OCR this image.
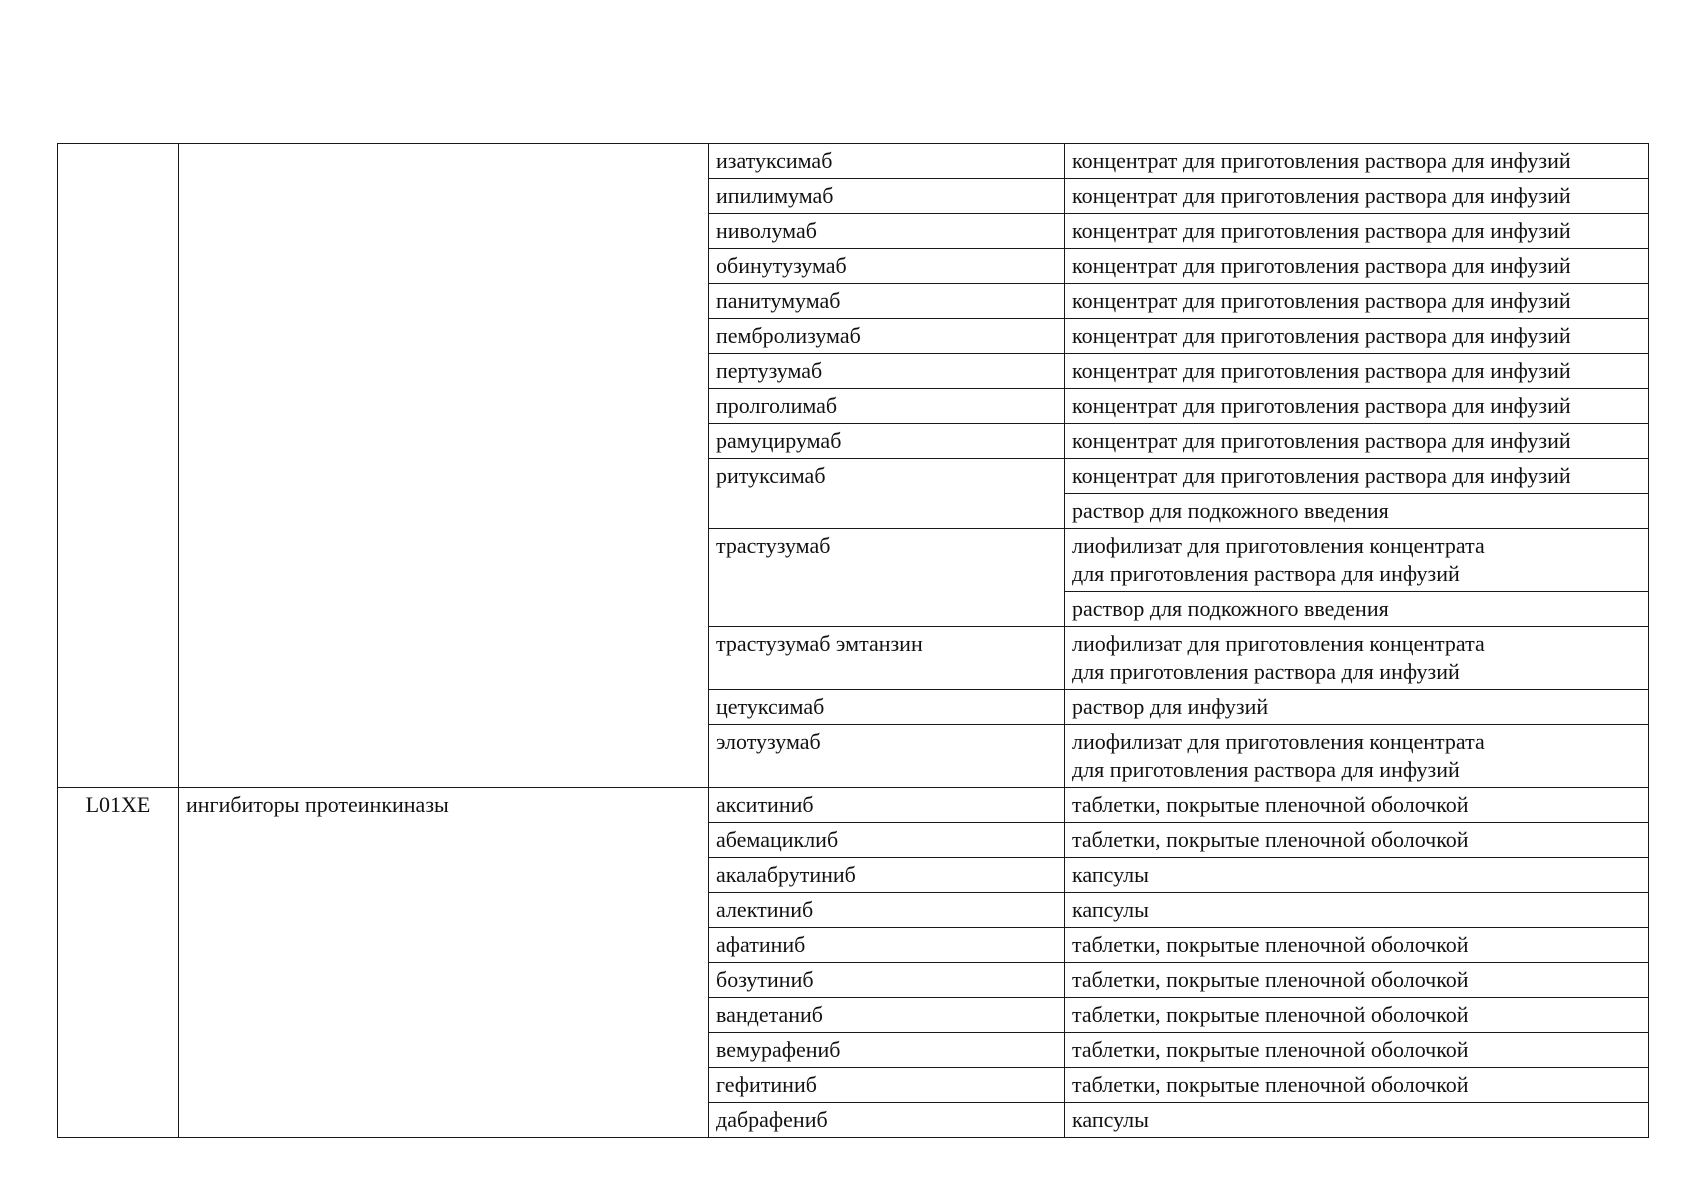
		изатуксимаб	концентрат для приготовления раствора для инфузий
		ипилимумаб	концентрат для приготовления раствора для инфузий
		ниволумаб	концентрат для приготовления раствора для инфузий
		обинутузумаб	концентрат для приготовления раствора для инфузий
		панитумумаб	концентрат для приготовления раствора для инфузий
		пембролизумаб	концентрат для приготовления раствора для инфузий
		пертузумаб	концентрат для приготовления раствора для инфузий
		пролголимаб	концентрат для приготовления раствора для инфузий
		рамуцирумаб	концентрат для приготовления раствора для инфузий
		ритуксимаб	концентрат для приготовления раствора для инфузий
			раствор для подкожного введения
		трастузумаб	лиофилизат для приготовления концентрата
для приготовления раствора для инфузий
			раствор для подкожного введения
		трастузумаб эмтанзин	лиофилизат для приготовления концентрата
для приготовления раствора для инфузий
		цетуксимаб	раствор для инфузий
		элотузумаб	лиофилизат для приготовления концентрата
для приготовления раствора для инфузий
L01XE	ингибиторы протеинкиназы	акситиниб	таблетки, покрытые пленочной оболочкой
		абемациклиб	таблетки, покрытые пленочной оболочкой
		акалабрутиниб	капсулы
		алектиниб	капсулы
		афатиниб	таблетки, покрытые пленочной оболочкой
		бозутиниб	таблетки, покрытые пленочной оболочкой
		вандетаниб	таблетки, покрытые пленочной оболочкой
		вемурафениб	таблетки, покрытые пленочной оболочкой
		гефитиниб	таблетки, покрытые пленочной оболочкой
		дабрафениб	капсулы
